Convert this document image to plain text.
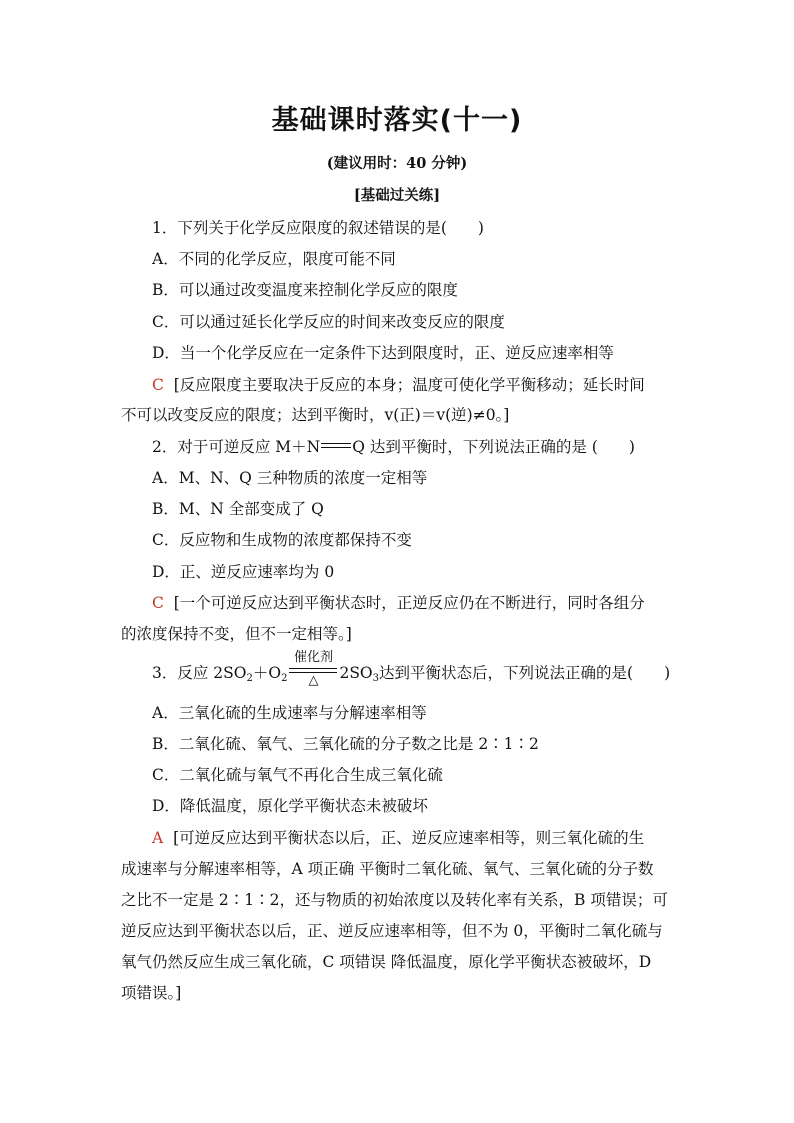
基础课时落实(十一)
(建议用时：40 分钟)
[基础过关练]
1．下列关于化学反应限度的叙述错误的是(　　)
A．不同的化学反应，限度可能不同
B．可以通过改变温度来控制化学反应的限度
C．可以通过延长化学反应的时间来改变反应的限度
D．当一个化学反应在一定条件下达到限度时，正、逆反应速率相等
C [反应限度主要取决于反应的本身；温度可使化学平衡移动；延长时间
不可以改变反应的限度；达到平衡时，v(正)＝v(逆)≠0。]
2．对于可逆反应 M＋N Q 达到平衡时，下列说法正确的是 (　　)
A．M、N、Q 三种物质的浓度一定相等
B．M、N 全部变成了 Q
C．反应物和生成物的浓度都保持不变
D．正、逆反应速率均为 0
C [一个可逆反应达到平衡状态时，正逆反应仍在不断进行，同时各组分
的浓度保持不变，但不一定相等。]
3．反应 $2SO_2+O_2$
催化剂
△	$2SO_3$达到平衡状态后，下列说法正确的是(　　)
A．三氧化硫的生成速率与分解速率相等
B．二氧化硫、氧气、三氧化硫的分子数之比是 2∶1∶2
C．二氧化硫与氧气不再化合生成三氧化硫
D．降低温度，原化学平衡状态未被破坏
A [可逆反应达到平衡状态以后，正、逆反应速率相等，则三氧化硫的生
成速率与分解速率相等，A 项正确 平衡时二氧化硫、氧气、三氧化硫的分子数
之比不一定是 2∶1∶2，还与物质的初始浓度以及转化率有关系，B 项错误；可
逆反应达到平衡状态以后，正、逆反应速率相等，但不为 0，平衡时二氧化硫与
氧气仍然反应生成三氧化硫，C 项错误 降低温度，原化学平衡状态被破坏，D
项错误。]
